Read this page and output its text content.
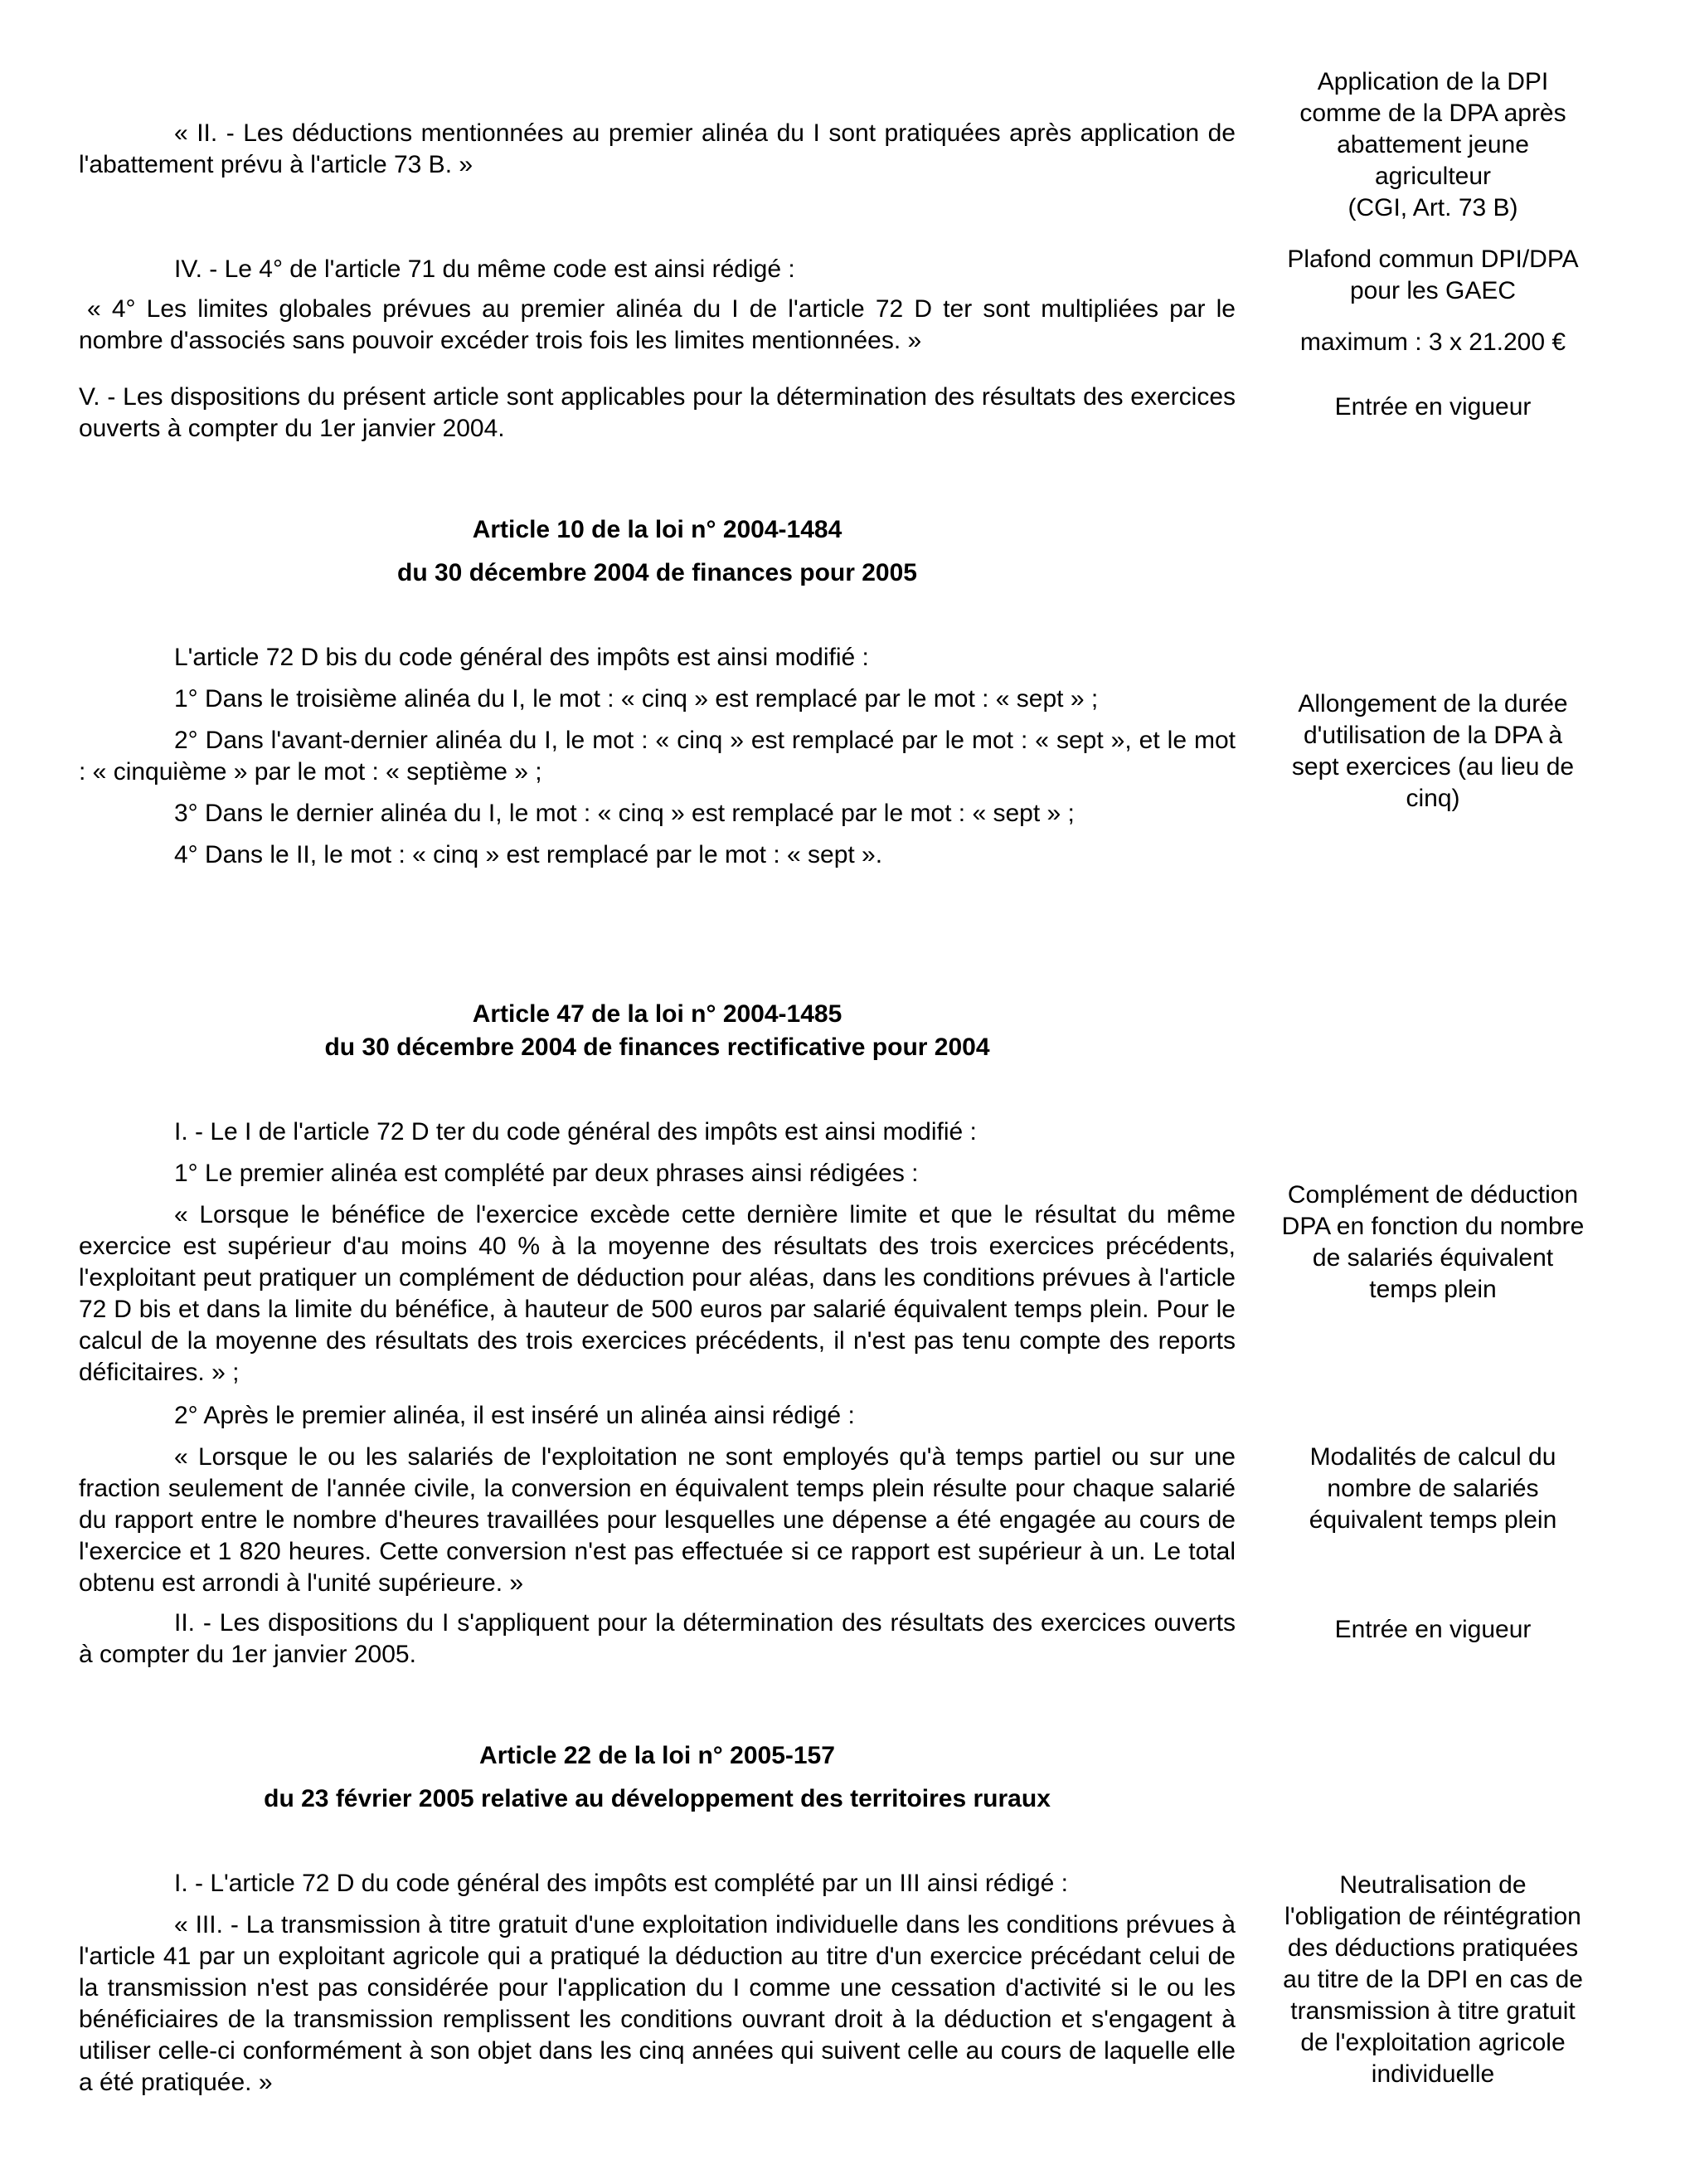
« II. - Les déductions mentionnées au premier alinéa du I sont pratiquées après application de l'abattement prévu à l'article 73 B. »

Application de la DPI
comme de la DPA après
abattement jeune
agriculteur
(CGI, Art. 73 B)

IV. - Le 4° de l'article 71 du même code est ainsi rédigé :

« 4° Les limites globales prévues au premier alinéa du I de l'article 72 D ter sont multipliées par le nombre d'associés sans pouvoir excéder trois fois les limites mentionnées. »

Plafond commun DPI/DPA
pour les GAEC
maximum : 3 x 21.200 €

V. - Les dispositions du présent article sont applicables pour la détermination des résultats des exercices ouverts à compter du 1er janvier 2004.

Entrée en vigueur
Article 10 de la loi n° 2004-1484
du 30 décembre 2004 de finances pour 2005

L'article 72 D bis du code général des impôts est ainsi modifié :

1° Dans le troisième alinéa du I, le mot : « cinq » est remplacé par le mot : « sept » ;

2° Dans l'avant-dernier alinéa du I, le mot : « cinq » est remplacé par le mot : « sept », et le mot : « cinquième » par le mot : « septième » ;

3° Dans le dernier alinéa du I, le mot : « cinq » est remplacé par le mot : « sept » ;

4° Dans le II, le mot : « cinq » est remplacé par le mot : « sept ».

Allongement de la durée
d'utilisation de la DPA à
sept exercices (au lieu de
cinq)
Article 47 de la loi n° 2004-1485
du 30 décembre 2004 de finances rectificative pour 2004

I. - Le I de l'article 72 D ter du code général des impôts est ainsi modifié :

1° Le premier alinéa est complété par deux phrases ainsi rédigées :

« Lorsque le bénéfice de l'exercice excède cette dernière limite et que le résultat du même exercice est supérieur d'au moins 40 % à la moyenne des résultats des trois exercices précédents, l'exploitant peut pratiquer un complément de déduction pour aléas, dans les conditions prévues à l'article 72 D bis et dans la limite du bénéfice, à hauteur de 500 euros par salarié équivalent temps plein. Pour le calcul de la moyenne des résultats des trois exercices précédents, il n'est pas tenu compte des reports déficitaires. » ;

Complément de déduction
DPA en fonction du nombre
de salariés équivalent
temps plein

2° Après le premier alinéa, il est inséré un alinéa ainsi rédigé :

« Lorsque le ou les salariés de l'exploitation ne sont employés qu'à temps partiel ou sur une fraction seulement de l'année civile, la conversion en équivalent temps plein résulte pour chaque salarié du rapport entre le nombre d'heures travaillées pour lesquelles une dépense a été engagée au cours de l'exercice et 1 820 heures. Cette conversion n'est pas effectuée si ce rapport est supérieur à un. Le total obtenu est arrondi à l'unité supérieure. »

Modalités de calcul du
nombre de salariés
équivalent temps plein

II. - Les dispositions du I s'appliquent pour la détermination des résultats des exercices ouverts à compter du 1er janvier 2005.

Entrée en vigueur
Article 22 de la loi n° 2005-157
du 23 février 2005 relative au développement des territoires ruraux

I. - L'article 72 D du code général des impôts est complété par un III ainsi rédigé :

« III. - La transmission à titre gratuit d'une exploitation individuelle dans les conditions prévues à l'article 41 par un exploitant agricole qui a pratiqué la déduction au titre d'un exercice précédant celui de la transmission n'est pas considérée pour l'application du I comme une cessation d'activité si le ou les bénéficiaires de la transmission remplissent les conditions ouvrant droit à la déduction et s'engagent à utiliser celle-ci conformément à son objet dans les cinq années qui suivent celle au cours de laquelle elle a été pratiquée. »

Neutralisation de
l'obligation de réintégration
des déductions pratiquées
au titre de la DPI en cas de
transmission à titre gratuit
de l'exploitation agricole
individuelle
